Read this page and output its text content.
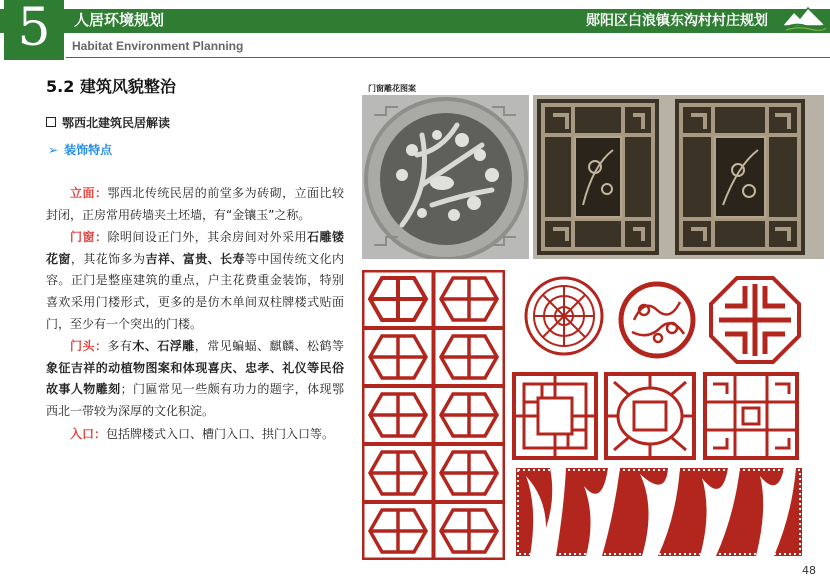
5	人居环境规划
Habitat Environment Planning
郧阳区白浪镇东沟村村庄规划
5.2 建筑风貌整治
鄂西北建筑民居解读
➢ 装饰特点

立面：鄂西北传统民居的前堂多为砖砌，立面比较封闭，正房常用砖墙夹土坯墙，有“金镶玉”之称。

门窗：除明间设正门外，其余房间对外采用石雕镂花窗，其花饰多为吉祥、富贵、长寿等中国传统文化内容。正门是整座建筑的重点，户主花费重金装饰，特别喜欢采用门楼形式，更多的是仿木单间双柱牌楼式贴面门，至少有一个突出的门楼。

门头：多有木、石浮雕，常见蝙蝠、麒麟、松鹤等象征吉祥的动植物图案和体现喜庆、忠孝、礼仪等民俗故事人物雕刻；门匾常见一些颇有功力的题字，体现鄂西北一带较为深厚的文化积淀。

入口：包括牌楼式入口、槽门入口、拱门入口等。

门窗雕花图案
48
